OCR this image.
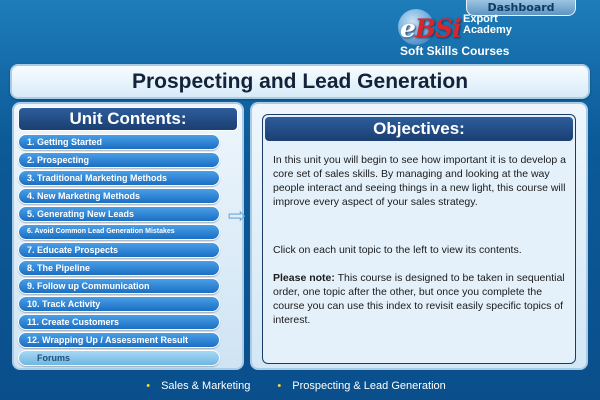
Dashboard
eBSi Export
Academy
Soft Skills Courses
Prospecting and Lead Generation
Unit Contents:
1. Getting Started
2. Prospecting
3. Traditional Marketing Methods
4. New Marketing Methods
5. Generating New Leads
6. Avoid Common Lead Generation Mistakes
7. Educate Prospects
8. The Pipeline
9. Follow up Communication
10. Track Activity
11. Create Customers
12. Wrapping Up / Assessment Result
Forums
⇨
Objectives:

In this unit you will begin to see how important it is to develop a core set of sales skills. By managing and looking at the way people interact and seeing things in a new light, this course will improve every aspect of your sales strategy.

Click on each unit topic to the left to view its contents.

Please note: This course is designed to be taken in sequential order, one topic after the other, but once you complete the course you can use this index to revisit easily specific topics of interest.

• Sales & Marketing • Prospecting & Lead Generation
